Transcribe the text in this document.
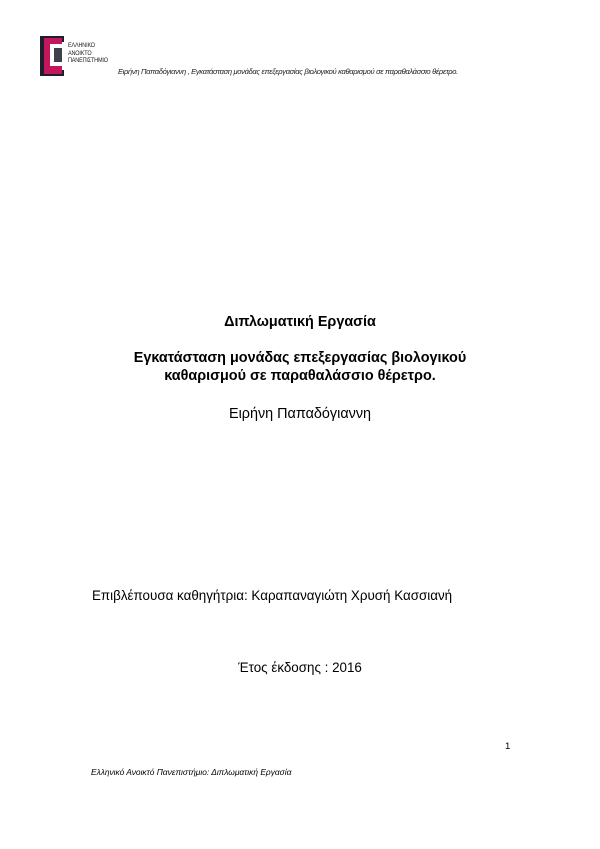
ΕΛΛΗΝΙΚΟ
ΑΝΟΙΚΤΟ
ΠΑΝΕΠΙΣΤΗΜΙΟ
Ειρήνη Παπαδόγιαννη , Εγκατάσταση μονάδας επεξεργασίας βιολογικού καθαρισμού σε παραθαλάσσιο θέρετρο.
Διπλωματική Εργασία
Εγκατάσταση μονάδας επεξεργασίας βιολογικού
καθαρισμού σε παραθαλάσσιο θέρετρο.
Ειρήνη Παπαδόγιαννη
Επιβλέπουσα καθηγήτρια: Καραπαναγιώτη Χρυσή Κασσιανή
Έτος έκδοσης : 2016
1
Ελληνικό Ανοικτό Πανεπιστήμιο: Διπλωματική Εργασία
